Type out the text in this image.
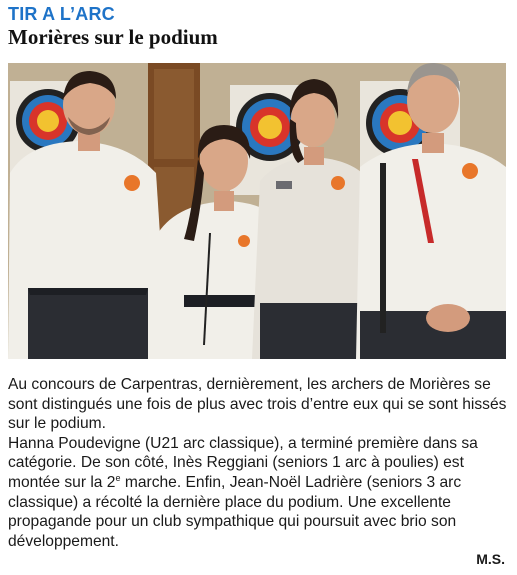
TIR A L’ARC
Morières sur le podium

Au concours de Carpentras, dernièrement, les archers de Morières se sont distingués une fois de plus avec trois d’entre eux qui se sont hissés sur le podium.

Hanna Poudevigne (U21 arc classique), a terminé première dans sa catégorie. De son côté, Inès Reggiani (seniors 1 arc à poulies) est montée sur la 2e marche. Enfin, Jean-Noël Ladrière (seniors 3 arc classique) a récolté la dernière place du podium. Une excellente propagande pour un club sympathique qui poursuit avec brio son développement.

M.S.
